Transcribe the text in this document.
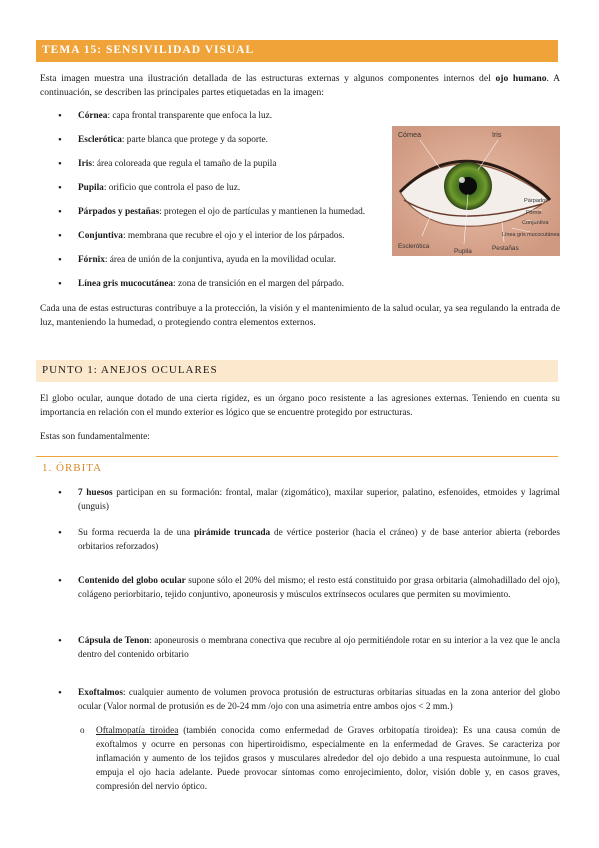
TEMA 15: SENSIVILIDAD VISUAL
Esta imagen muestra una ilustración detallada de las estructuras externas y algunos componentes internos del ojo humano. A continuación, se describen las principales partes etiquetadas en la imagen:
• Córnea: capa frontal transparente que enfoca la luz.
• Esclerótica: parte blanca que protege y da soporte.
• Iris: área coloreada que regula el tamaño de la pupila
• Pupila: orificio que controla el paso de luz.
• Párpados y pestañas: protegen el ojo de partículas y mantienen la humedad.
• Conjuntiva: membrana que recubre el ojo y el interior de los párpados.
• Fórnix: área de unión de la conjuntiva, ayuda en la movilidad ocular.
• Línea gris mucocutánea: zona de transición en el margen del párpado.
Córnea	Iris
Párpados
Fórnix
Conjuntiva
Línea gris mucocutánea
Esclerótica
Pupila	Pestañas
Cada una de estas estructuras contribuye a la protección, la visión y el mantenimiento de la salud ocular, ya sea regulando la entrada de luz, manteniendo la humedad, o protegiendo contra elementos externos.
PUNTO 1: ANEJOS OCULARES
El globo ocular, aunque dotado de una cierta rigidez, es un órgano poco resistente a las agresiones externas. Teniendo en cuenta su importancia en relación con el mundo exterior es lógico que se encuentre protegido por estructuras.
Estas son fundamentalmente:
1. ÓRBITA
• 7 huesos participan en su formación: frontal, malar (zigomático), maxilar superior, palatino, esfenoides, etmoides y lagrimal (unguis)
• Su forma recuerda la de una pirámide truncada de vértice posterior (hacia el cráneo) y de base anterior abierta (rebordes orbitarios reforzados)
• Contenido del globo ocular supone sólo el 20% del mismo; el resto está constituido por grasa orbitaria (almohadillado del ojo), colágeno periorbitario, tejido conjuntivo, aponeurosis y músculos extrínsecos oculares que permiten su movimiento.
• Cápsula de Tenon: aponeurosis o membrana conectiva que recubre al ojo permitiéndole rotar en su interior a la vez que le ancla dentro del contenido orbitario
• Exoftalmos: cualquier aumento de volumen provoca protusión de estructuras orbitarias situadas en la zona anterior del globo ocular (Valor normal de protusión es de 20-24 mm /ojo con una asimetría entre ambos ojos < 2 mm.)
o Oftalmopatía tiroidea (también conocida como enfermedad de Graves orbitopatía tiroidea): Es una causa común de exoftalmos y ocurre en personas con hipertiroidismo, especialmente en la enfermedad de Graves. Se caracteriza por inflamación y aumento de los tejidos grasos y musculares alrededor del ojo debido a una respuesta autoinmune, lo cual empuja el ojo hacia adelante. Puede provocar síntomas como enrojecimiento, dolor, visión doble y, en casos graves, compresión del nervio óptico.
